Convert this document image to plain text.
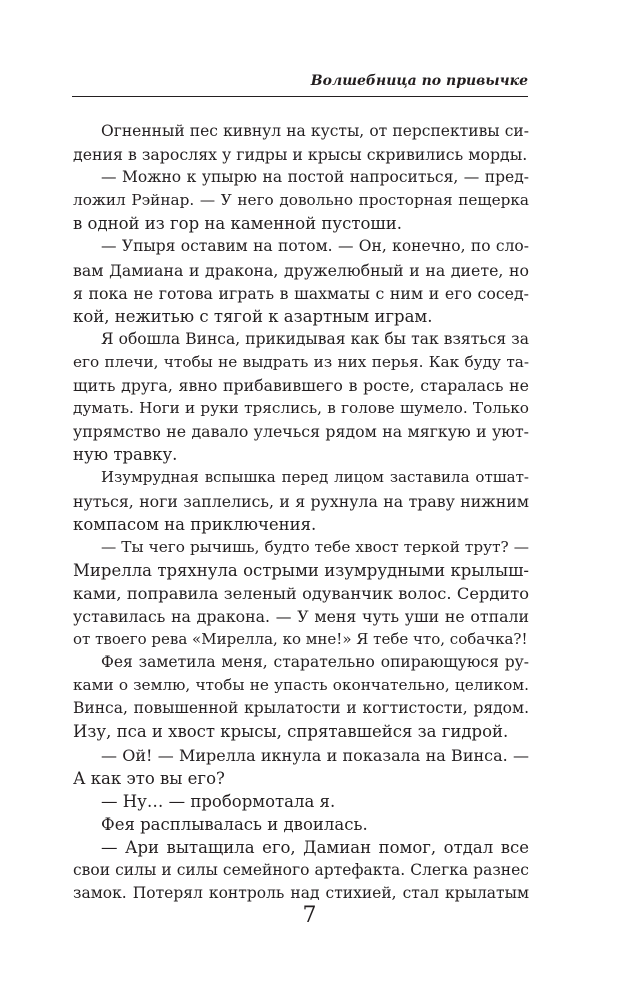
Волшебница по привычке
Огненный пес кивнул на кусты, от перспективы си-
дения в зарослях у гидры и крысы скривились морды.
— Можно к упырю на постой напроситься, — пред-
ложил Рэйнар. — У него довольно просторная пещерка
в одной из гор на каменной пустоши.
— Упыря оставим на потом. — Он, конечно, по сло-
вам Дамиана и дракона, дружелюбный и на диете, но
я пока не готова играть в шахматы с ним и его сосед-
кой, нежитью с тягой к азартным играм.
Я обошла Винса, прикидывая как бы так взяться за
его плечи, чтобы не выдрать из них перья. Как буду та-
щить друга, явно прибавившего в росте, старалась не
думать. Ноги и руки тряслись, в голове шумело. Только
упрямство не давало улечься рядом на мягкую и уют-
ную травку.
Изумрудная вспышка перед лицом заставила отшат-
нуться, ноги заплелись, и я рухнула на траву нижним
компасом на приключения.
— Ты чего рычишь, будто тебе хвост теркой трут? —
Мирелла тряхнула острыми изумрудными крылыш-
ками, поправила зеленый одуванчик волос. Сердито
уставилась на дракона. — У меня чуть уши не отпали
от твоего рева «Мирелла, ко мне!» Я тебе что, собачка?!
Фея заметила меня, старательно опирающуюся ру-
ками о землю, чтобы не упасть окончательно, целиком.
Винса, повышенной крылатости и когтистости, рядом.
Изу, пса и хвост крысы, спрятавшейся за гидрой.
— Ой! — Мирелла икнула и показала на Винса. —
А как это вы его?
— Ну… — пробормотала я.
Фея расплывалась и двоилась.
— Ари вытащила его, Дамиан помог, отдал все
свои силы и силы семейного артефакта. Слегка разнес
замок. Потерял контроль над стихией, стал крылатым
7
